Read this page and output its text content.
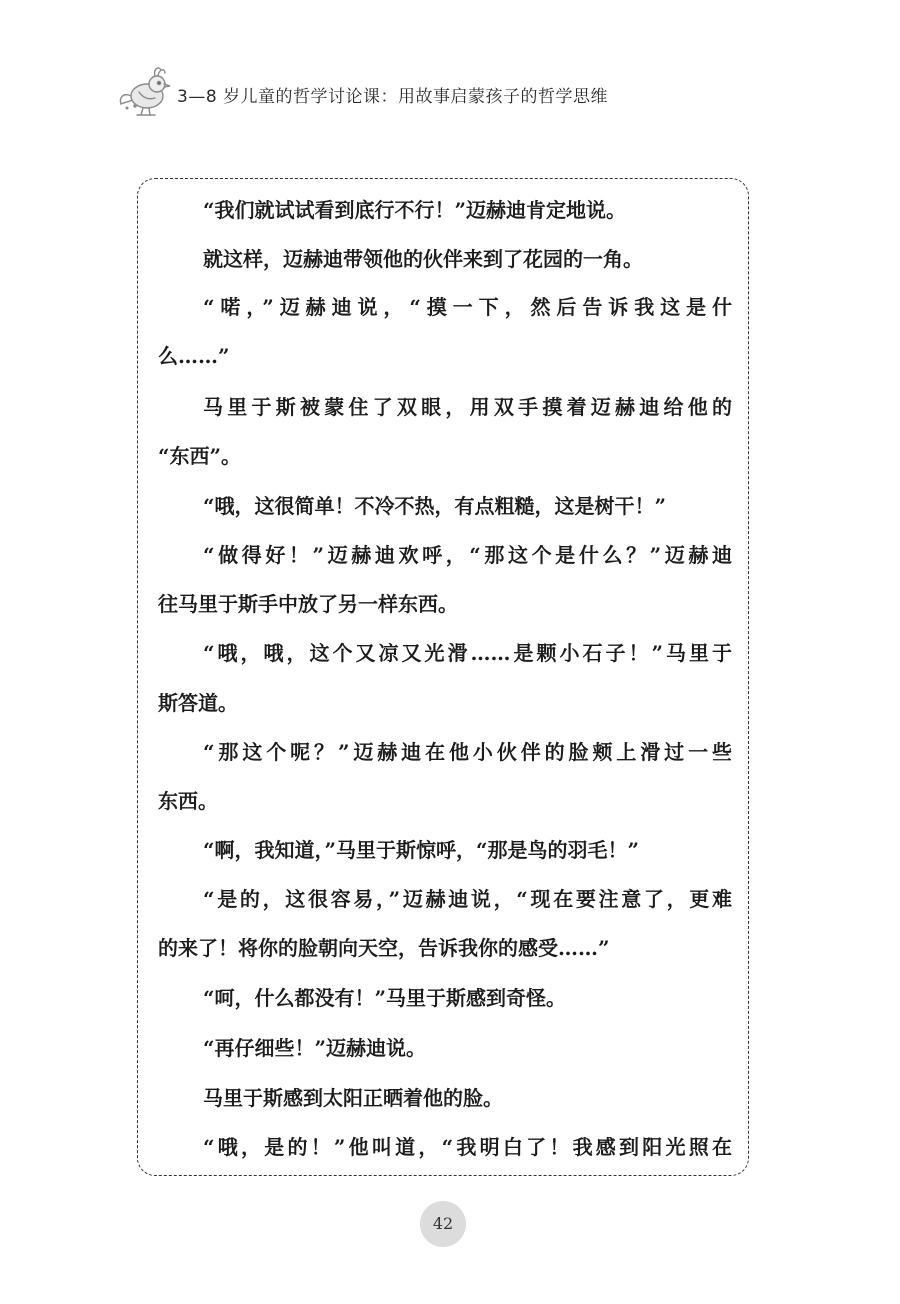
3—8 岁儿童的哲学讨论课：用故事启蒙孩子的哲学思维
“我们就试试看到底行不行！”迈赫迪肯定地说。
就这样，迈赫迪带领他的伙伴来到了花园的一角。
“喏，”迈赫迪说，“摸一下，然后告诉我这是什
么……”
马里于斯被蒙住了双眼，用双手摸着迈赫迪给他的
“东西”。
“哦，这很简单！不冷不热，有点粗糙，这是树干！”
“做得好！”迈赫迪欢呼，“那这个是什么？”迈赫迪
往马里于斯手中放了另一样东西。
“哦，哦，这个又凉又光滑……是颗小石子！”马里于
斯答道。
“那这个呢？”迈赫迪在他小伙伴的脸颊上滑过一些
东西。
“啊，我知道，”马里于斯惊呼，“那是鸟的羽毛！”
“是的，这很容易，”迈赫迪说，“现在要注意了，更难
的来了！将你的脸朝向天空，告诉我你的感受……”
“呵，什么都没有！”马里于斯感到奇怪。
“再仔细些！”迈赫迪说。
马里于斯感到太阳正晒着他的脸。
“哦，是的！”他叫道，“我明白了！我感到阳光照在
42
